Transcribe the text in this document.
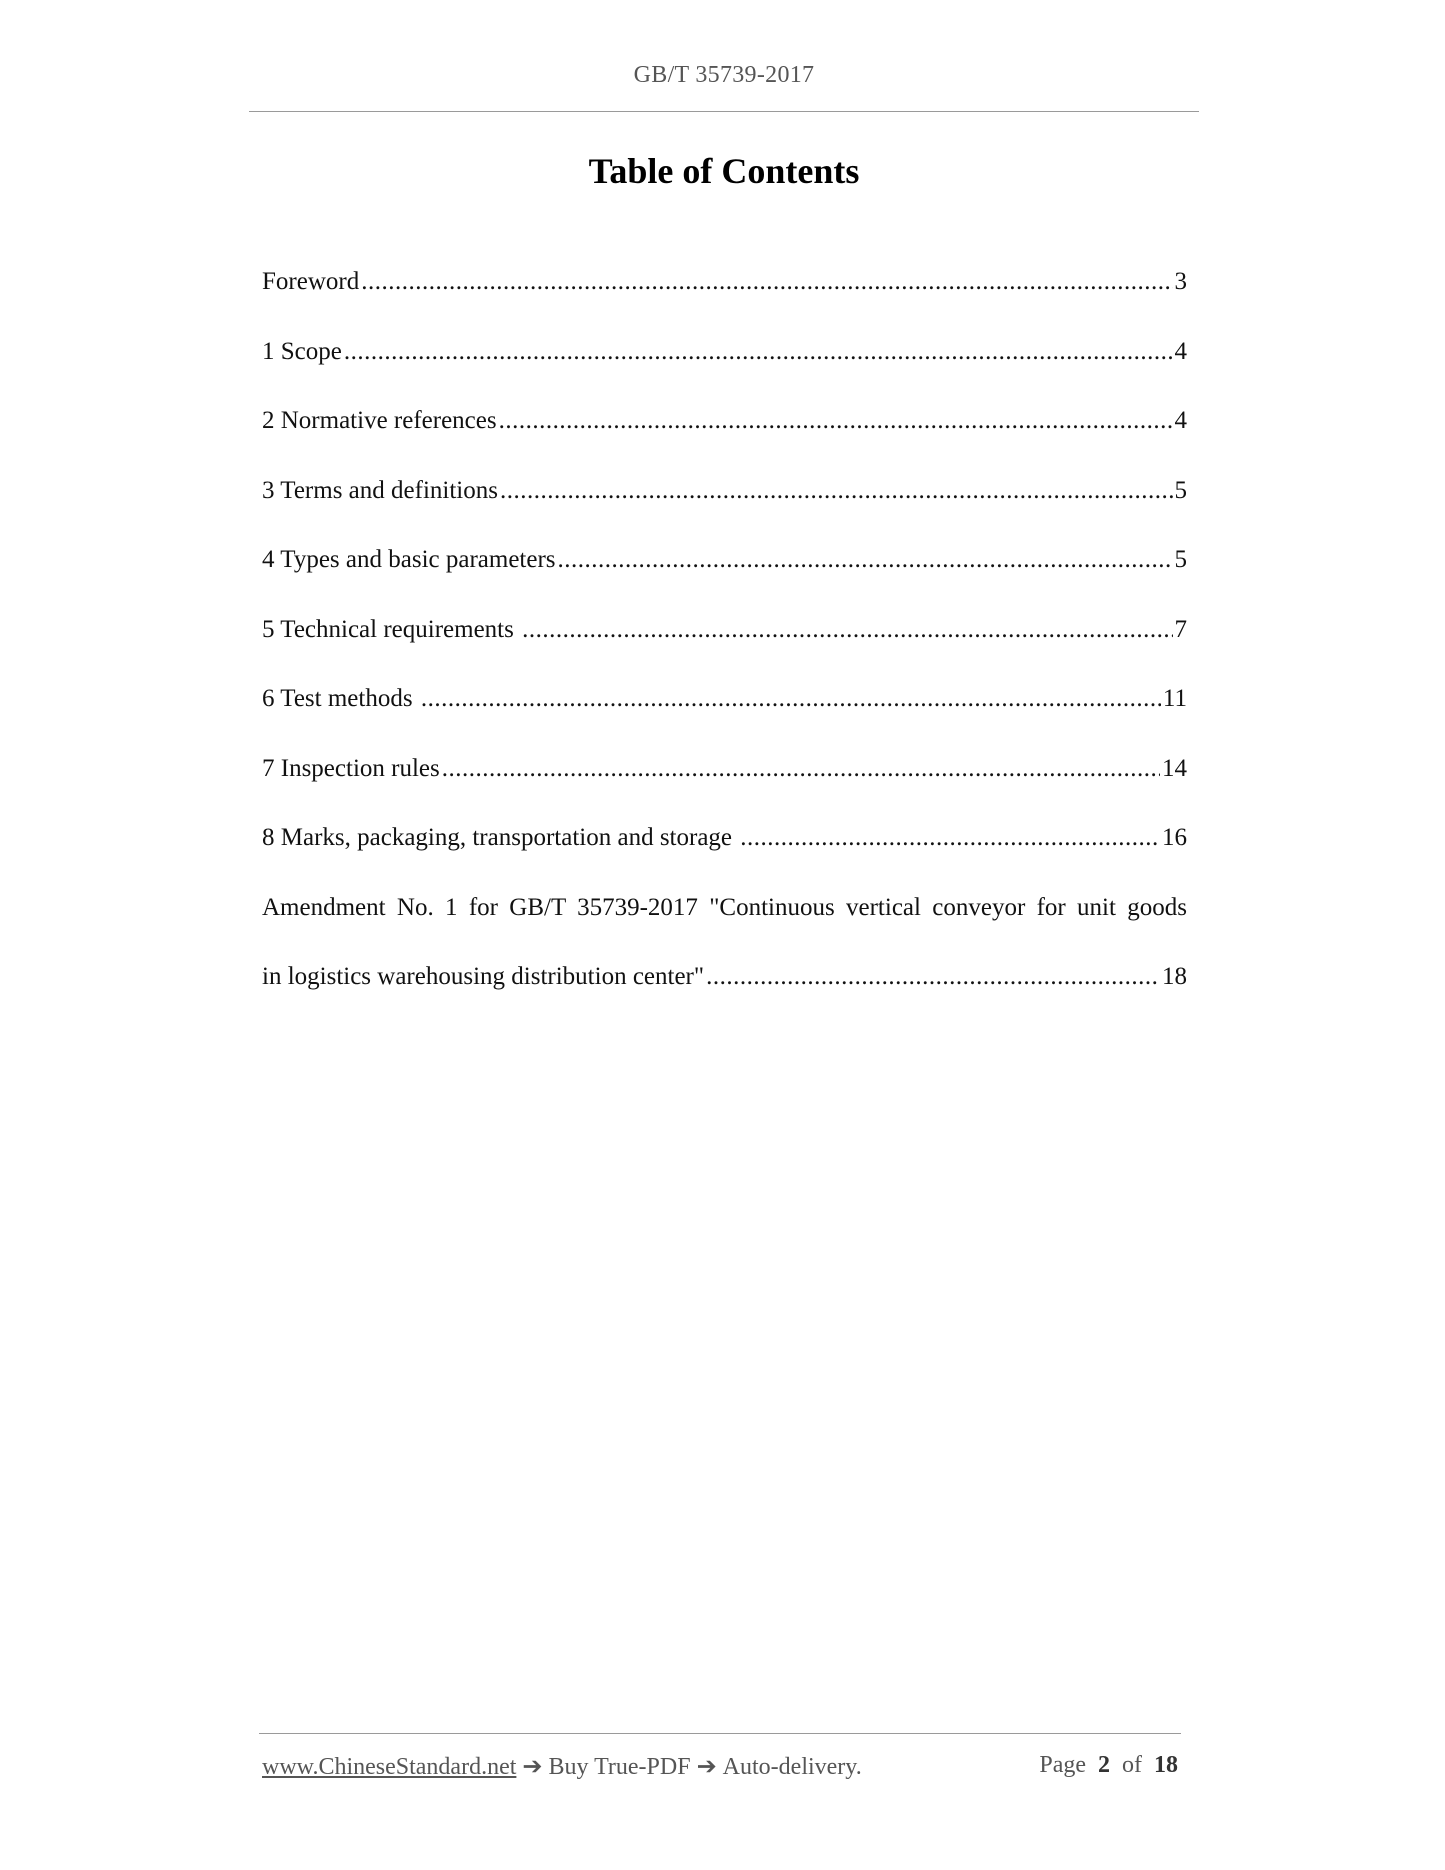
GB/T 35739-2017
Table of Contents
Foreword .....	3
1 Scope .....	4
2 Normative references .....	4
3 Terms and definitions .....	5
4 Types and basic parameters .....	5
5 Technical requirements .....	7
6 Test methods .....	11
7 Inspection rules .....	14
8 Marks, packaging, transportation and storage .....	16
Amendment No. 1 for GB/T 35739-2017 "Continuous vertical conveyor for unit goods
in logistics warehousing distribution center" .....	18
www.ChineseStandard.net ➔ Buy True-PDF ➔ Auto-delivery.	Page 2 of 18
